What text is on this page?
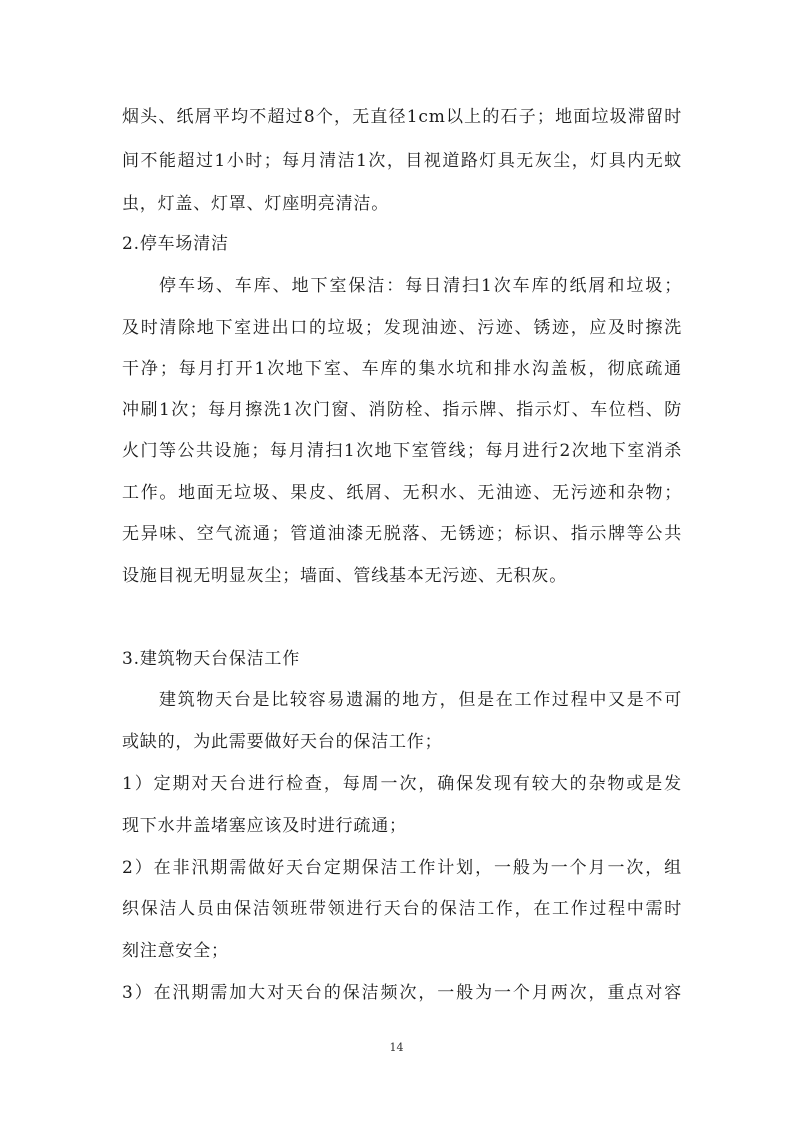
烟头、纸屑平均不超过8个，无直径1cm以上的石子；地面垃圾滞留时
间不能超过1小时；每月清洁1次，目视道路灯具无灰尘，灯具内无蚊
虫，灯盖、灯罩、灯座明亮清洁。
2.停车场清洁
停车场、车库、地下室保洁：每日清扫1次车库的纸屑和垃圾；
及时清除地下室进出口的垃圾；发现油迹、污迹、锈迹，应及时擦洗
干净；每月打开1次地下室、车库的集水坑和排水沟盖板，彻底疏通
冲刷1次；每月擦洗1次门窗、消防栓、指示牌、指示灯、车位档、防
火门等公共设施；每月清扫1次地下室管线；每月进行2次地下室消杀
工作。地面无垃圾、果皮、纸屑、无积水、无油迹、无污迹和杂物；
无异味、空气流通；管道油漆无脱落、无锈迹；标识、指示牌等公共
设施目视无明显灰尘；墙面、管线基本无污迹、无积灰。
3.建筑物天台保洁工作
建筑物天台是比较容易遗漏的地方，但是在工作过程中又是不可
或缺的，为此需要做好天台的保洁工作；
1）定期对天台进行检查，每周一次，确保发现有较大的杂物或是发
现下水井盖堵塞应该及时进行疏通；
2）在非汛期需做好天台定期保洁工作计划，一般为一个月一次，组
织保洁人员由保洁领班带领进行天台的保洁工作，在工作过程中需时
刻注意安全；
3）在汛期需加大对天台的保洁频次，一般为一个月两次，重点对容
14
